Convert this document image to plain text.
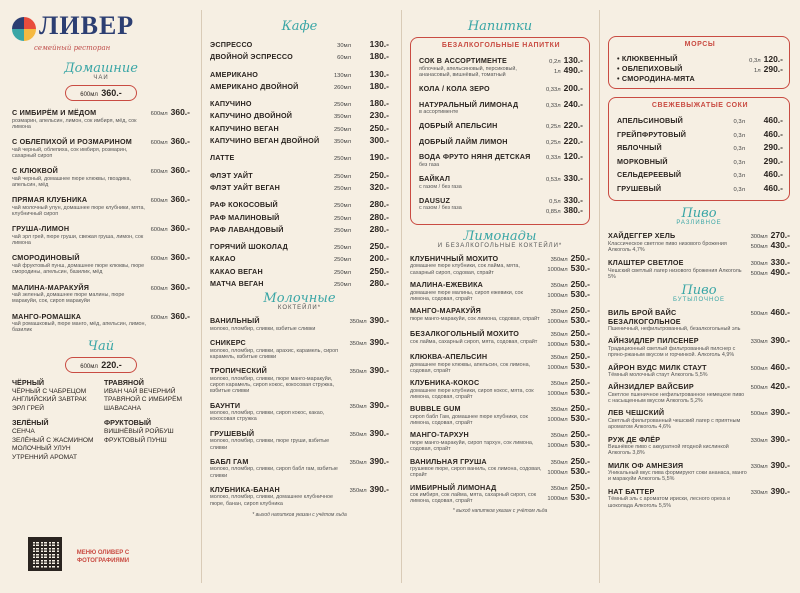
ЛИВЕР
семейный ресторан
Домашние
ЧАИ
600мл 360.-
С ИМБИРЁМ И МЁДОМ
розмарин, апельсин, лимон, сок имбиря, мёд, сок лимона
600мл 360.-
С ОБЛЕПИХОЙ И РОЗМАРИНОМ
чай черный, облепиха, сок имбиря, розмарин, сахарный сироп
600мл 360.-
С КЛЮКВОЙ
чай черный, домашнее пюре клюквы, гвоздика, апельсин, мёд
600мл 360.-
ПРЯМАЯ КЛУБНИКА
чай молочный улун, домашнее пюре клубники, мята, клубничный сироп
600мл 360.-
ГРУША-ЛИМОН
чай эрл грей, пюре груши, свежая груша, лимон, сок лимона
600мл 360.-
СМОРОДИНОВЫЙ
чай фруктовый пунш, домашнее пюре клюквы, пюре смородины, апельсин, базилик, мёд
600мл 360.-
МАЛИНА-МАРАКУЙЯ
чай зеленый, домашнее пюре малины, пюре маракуйи, сок, сироп маракуйи
600мл 360.-
МАНГО-РОМАШКА
чай ромашковый, пюре манго, мёд, апельсин, лимон, базилик
600мл 360.-
Чай
600мл 220.-
ЧЁРНЫЙ
ЧЁРНЫЙ С ЧАБРЕЦОМ
АНГЛИЙСКИЙ ЗАВТРАК
ЭРЛ ГРЕЙ
ТРАВЯНОЙ
ИВАН ЧАЙ ВЕЧЕРНИЙ
ТРАВЯНОЙ С ИМБИРЁМ
ШАВАСАНА
ЗЕЛЁНЫЙ
СЕНЧА
ЗЕЛЁНЫЙ С ЖАСМИНОМ
МОЛОЧНЫЙ УЛУН
УТРЕННИЙ АРОМАТ
ФРУКТОВЫЙ
ВИШНЁВЫЙ РОЙБУШ
ФРУКТОВЫЙ ПУНШ
МЕНЮ ОЛИВЕР С ФОТОГРАФИЯМИ
Кафе
ЭСПРЕССО	30мл	130.-
ДВОЙНОЙ ЭСПРЕССО	60мл	180.-
АМЕРИКАНО	130мл	130.-
АМЕРИКАНО ДВОЙНОЙ	260мл	180.-
КАПУЧИНО	250мл	180.-
КАПУЧИНО ДВОЙНОЙ	350мл	230.-
КАПУЧИНО ВЕГАН	250мл	250.-
КАПУЧИНО ВЕГАН ДВОЙНОЙ	350мл	300.-
ЛАТТЕ	250мл	190.-
ФЛЭТ УАЙТ	250мл	250.-
ФЛЭТ УАЙТ ВЕГАН	250мл	320.-
РАФ КОКОСОВЫЙ	250мл	280.-
РАФ МАЛИНОВЫЙ	250мл	280.-
РАФ ЛАВАНДОВЫЙ	250мл	280.-
ГОРЯЧИЙ ШОКОЛАД	250мл	250.-
КАКАО	250мл	200.-
КАКАО ВЕГАН	250мл	250.-
МАТЧА ВЕГАН	250мл	280.-
Молочные
КОКТЕЙЛИ*
ВАНИЛЬНЫЙ
молоко, пломбир, сливки, взбитые сливки
350мл 390.-
СНИКЕРС
молоко, пломбир, сливки, арахис, карамель, сироп карамель, взбитые сливки
350мл 390.-
ТРОПИЧЕСКИЙ
молоко, пломбир, сливки, пюре манго-маракуйи, сироп карамель, сироп кокос, кокосовая стружка, взбитые сливки
350мл 390.-
БАУНТИ
молоко, пломбир, сливки, сироп кокос, какао, кокосовая стружка
350мл 390.-
ГРУШЕВЫЙ
молоко, пломбир, сливки, пюре груши, взбитые сливки
350мл 390.-
БАБЛ ГАМ
молоко, пломбир, сливки, сироп бабл гам, взбитые сливки
350мл 390.-
КЛУБНИКА-БАНАН
молоко, пломбир, сливки, домашнее клубничное пюре, банан, сироп клубника
350мл 390.-
* выход напитков указан с учётом льда
Напитки
БЕЗАЛКОГОЛЬНЫЕ НАПИТКИ
СОК В АССОРТИМЕНТЕ
яблочный, апельсиновый, персиковый, ананасовый, вишнёвый, томатный
0,2л 130.-
1л 490.-
КОЛА / КОЛА ЗЕРО	0,33л 200.-
НАТУРАЛЬНЫЙ ЛИМОНАД
в ассортименте
0,33л 240.-
ДОБРЫЙ АПЕЛЬСИН	0,25л 220.-
ДОБРЫЙ ЛАЙМ ЛИМОН	0,25л 220.-
ВОДА ФРУТО НЯНЯ ДЕТСКАЯ
без газа
0,33л 120.-
БАЙКАЛ
с газом / без газа
0,53л 330.-
DAUSUZ
с газом / без газа
0,5л 330.-
0,85л 380.-
Лимонады
И БЕЗАЛКОГОЛЬНЫЕ КОКТЕЙЛИ*
КЛУБНИЧНЫЙ МОХИТО
домашнее пюре клубники, сок лайма, мята, сахарный сироп, содовая, спрайт
350мл 250.-
1000мл 530.-
МАЛИНА-ЕЖЕВИКА
домашнее пюре малины, сироп ежевики, сок лимона, содовая, спрайт
350мл 250.-
1000мл 530.-
МАНГО-МАРАКУЙЯ
пюре манго-маракуйи, сок лимона, содовая, спрайт
350мл 250.-
1000мл 530.-
БЕЗАЛКОГОЛЬНЫЙ МОХИТО
сок лайма, сахарный сироп, мята, содовая, спрайт
350мл 250.-
1000мл 530.-
КЛЮКВА-АПЕЛЬСИН
домашнее пюре клюквы, апельсин, сок лимона, содовая, спрайт
350мл 250.-
1000мл 530.-
КЛУБНИКА-КОКОС
домашнее пюре клубники, сироп кокос, мята, сок лимона, содовая, спрайт
350мл 250.-
1000мл 530.-
BUBBLE GUM
сироп бабл Гам, домашнее пюре клубники, сок лимона, содовая, спрайт
350мл 250.-
1000мл 530.-
МАНГО-ТАРХУН
пюре манго-маракуйи, сироп тархун, сок лимона, содовая, спрайт
350мл 250.-
1000мл 530.-
ВАНИЛЬНАЯ ГРУША
грушевое пюре, сироп ваниль, сок лимона, содовая, спрайт
350мл 250.-
1000мл 530.-
ИМБИРНЫЙ ЛИМОНАД
сок имбиря, сок лайма, мята, сахарный сироп, сок лимона, содовая, спрайт
350мл 250.-
1000мл 530.-
* выход напитков указан с учётом льда
МОРСЫ
• КЛЮКВЕННЫЙ
• ОБЛЕПИХОВЫЙ
• СМОРОДИНА-МЯТА
0,3л 120.-
1л 290.-
СВЕЖЕВЫЖАТЫЕ СОКИ
АПЕЛЬСИНОВЫЙ	0,3л	460.-
ГРЕЙПФРУТОВЫЙ	0,3л	460.-
ЯБЛОЧНЫЙ	0,3л	290.-
МОРКОВНЫЙ	0,3л	290.-
СЕЛЬДЕРЕЕВЫЙ	0,3л	460.-
ГРУШЕВЫЙ	0,3л	460.-
Пиво
РАЗЛИВНОЕ
ХАЙДЕГГЕР ХЕЛЬ
Классическое светлое пиво низового брожения Алкоголь 4,7%
300мл 270.-
500мл 430.-
КЛАШТЕР СВЕТЛОЕ
Чешский светлый лагер низового брожения Алкоголь 5%
300мл 330.-
500мл 490.-
Пиво
БУТЫЛОЧНОЕ
ВИЛЬ БРОЙ ВАЙС БЕЗАЛКОГОЛЬНОЕ
Пшеничный, нефильтрованный, безалкогольный эль
500мл 460.-
АЙНЗИДЛЕР ПИЛСЕНЕР
Традиционный светлый фильтрованный пилснер с пряно-ржаным вкусом и горчинкой. Алкоголь 4,9%
330мл 390.-
АЙРОН ВУДС МИЛК СТАУТ
Тёмный молочный стаут Алкоголь 5,5%
500мл 460.-
АЙНЗИДЛЕР ВАЙСБИР
Светлое пшеничное нефильтрованное немецкое пиво с насыщенным вкусом Алкоголь 5,2%
500мл 420.-
ЛЕВ ЧЕШСКИЙ
Светлый фильтрованный чешский лагер с приятным ароматом Алкоголь 4,6%
500мл 390.-
РУЖ ДЕ ФЛЁР
Вишнёвое пиво с аккуратной ягодной кислинкой Алкоголь 3,8%
330мл 390.-
МИЛК ОФ АМНЕЗИЯ
Уникальный вкус пива формируют соки ананаса, манго и маракуйи Алкоголь 5,5%
330мл 390.-
НАТ БАТТЕР
Тёмный эль с ароматом ириски, лесного ореха и шоколада Алкоголь 5,5%
330мл 390.-
